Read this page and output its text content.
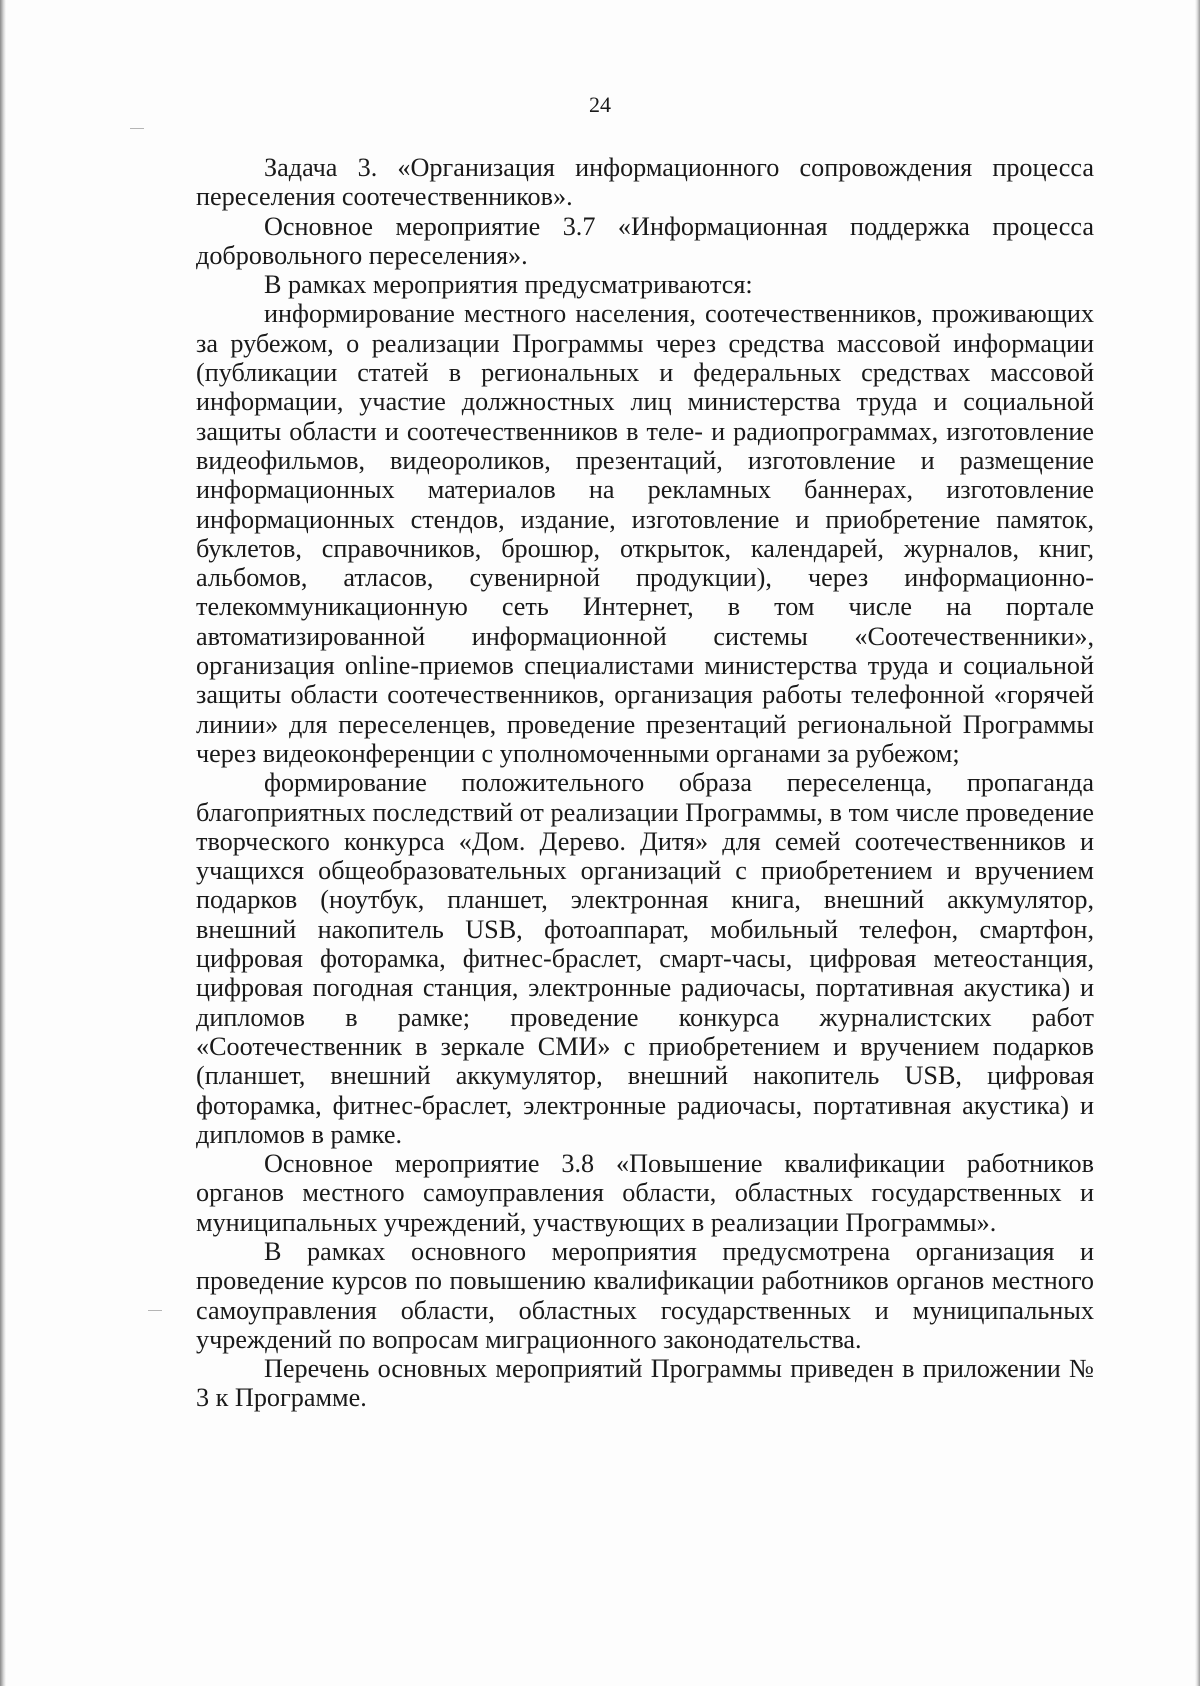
24

Задача 3. «Организация информационного сопровождения процесса переселения соотечественников».

Основное мероприятие 3.7 «Информационная поддержка процесса добровольного переселения».

В рамках мероприятия предусматриваются:

информирование местного населения, соотечественников, проживающих за рубежом, о реализации Программы через средства массовой информации (публикации статей в региональных и федеральных средствах массовой информации, участие должностных лиц министерства труда и социальной защиты области и соотечественников в теле- и радиопрограммах, изготовление видеофильмов, видеороликов, презентаций, изготовление и размещение информационных материалов на рекламных баннерах, изготовление информационных стендов, издание, изготовление и приобретение памяток, буклетов, справочников, брошюр, открыток, календарей, журналов, книг, альбомов, атласов, сувенирной продукции), через информационно-телекоммуникационную сеть Интернет, в том числе на портале автоматизированной информационной системы «Соотечественники», организация online-приемов специалистами министерства труда и социальной защиты области соотечественников, организация работы телефонной «горячей линии» для переселенцев, проведение презентаций региональной Программы через видеоконференции с уполномоченными органами за рубежом;

формирование положительного образа переселенца, пропаганда благоприятных последствий от реализации Программы, в том числе проведение творческого конкурса «Дом. Дерево. Дитя» для семей соотечественников и учащихся общеобразовательных организаций с приобретением и вручением подарков (ноутбук, планшет, электронная книга, внешний аккумулятор, внешний накопитель USB, фотоаппарат, мобильный телефон, смартфон, цифровая фоторамка, фитнес-браслет, смарт-часы, цифровая метеостанция, цифровая погодная станция, электронные радиочасы, портативная акустика) и дипломов в рамке; проведение конкурса журналистских работ «Соотечественник в зеркале СМИ» с приобретением и вручением подарков (планшет, внешний аккумулятор, внешний накопитель USB, цифровая фоторамка, фитнес-браслет, электронные радиочасы, портативная акустика) и дипломов в рамке.

Основное мероприятие 3.8 «Повышение квалификации работников органов местного самоуправления области, областных государственных и муниципальных учреждений, участвующих в реализации Программы».

В рамках основного мероприятия предусмотрена организация и проведение курсов по повышению квалификации работников органов местного самоуправления области, областных государственных и муниципальных учреждений по вопросам миграционного законодательства.

Перечень основных мероприятий Программы приведен в приложении № 3 к Программе.
